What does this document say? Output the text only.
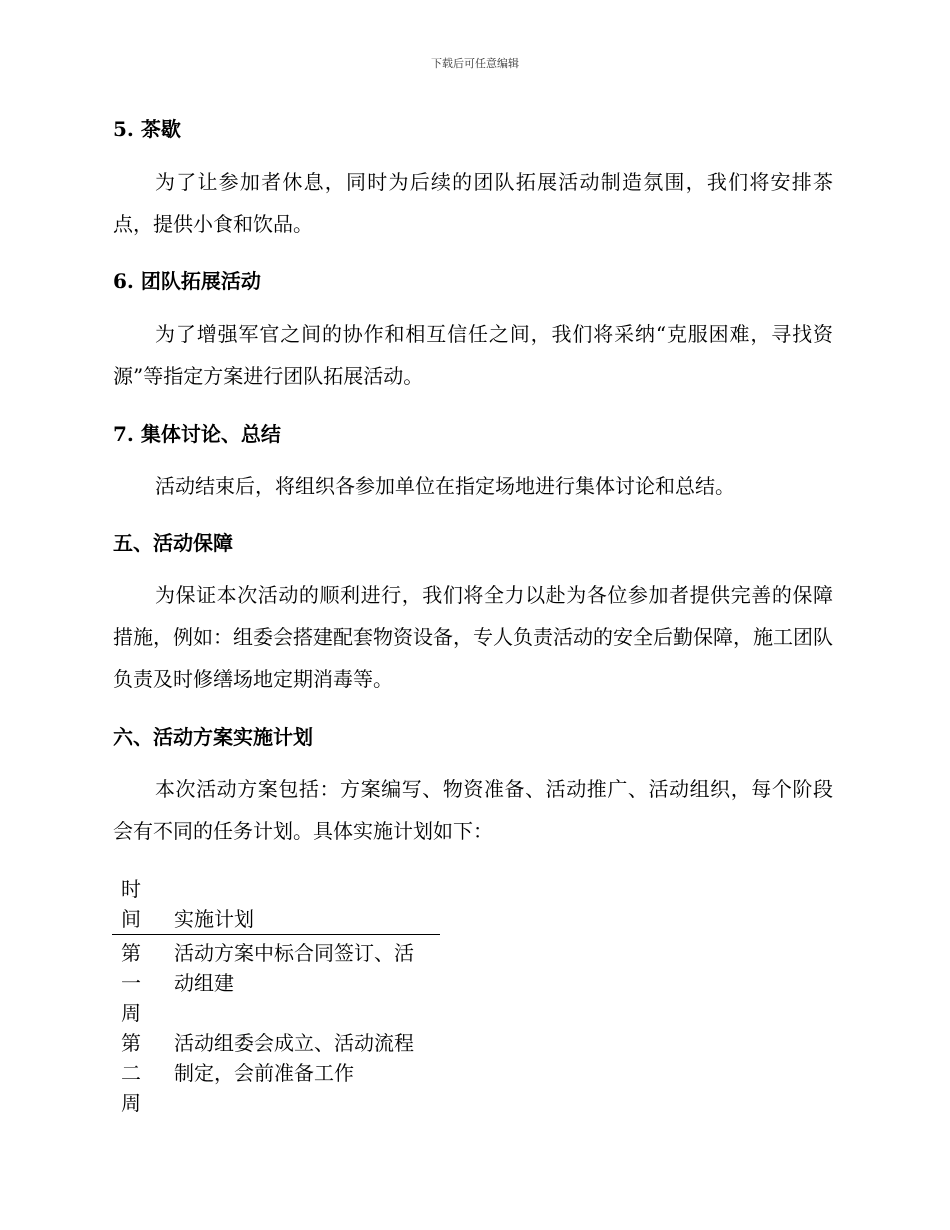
下载后可任意编辑
5. 茶歇
为了让参加者休息，同时为后续的团队拓展活动制造氛围，我们将安排茶点，提供小食和饮品。
6. 团队拓展活动
为了增强军官之间的协作和相互信任之间，我们将采纳“克服困难，寻找资源”等指定方案进行团队拓展活动。
7. 集体讨论、总结
活动结束后，将组织各参加单位在指定场地进行集体讨论和总结。
五、活动保障
为保证本次活动的顺利进行，我们将全力以赴为各位参加者提供完善的保障措施，例如：组委会搭建配套物资设备，专人负责活动的安全后勤保障，施工团队负责及时修缮场地定期消毒等。
六、活动方案实施计划
本次活动方案包括：方案编写、物资准备、活动推广、活动组织，每个阶段会有不同的任务计划。具体实施计划如下：
时间 实施计划
第一周
活动方案中标合同签订、活动组建
第二周
活动组委会成立、活动流程制定，会前准备工作
